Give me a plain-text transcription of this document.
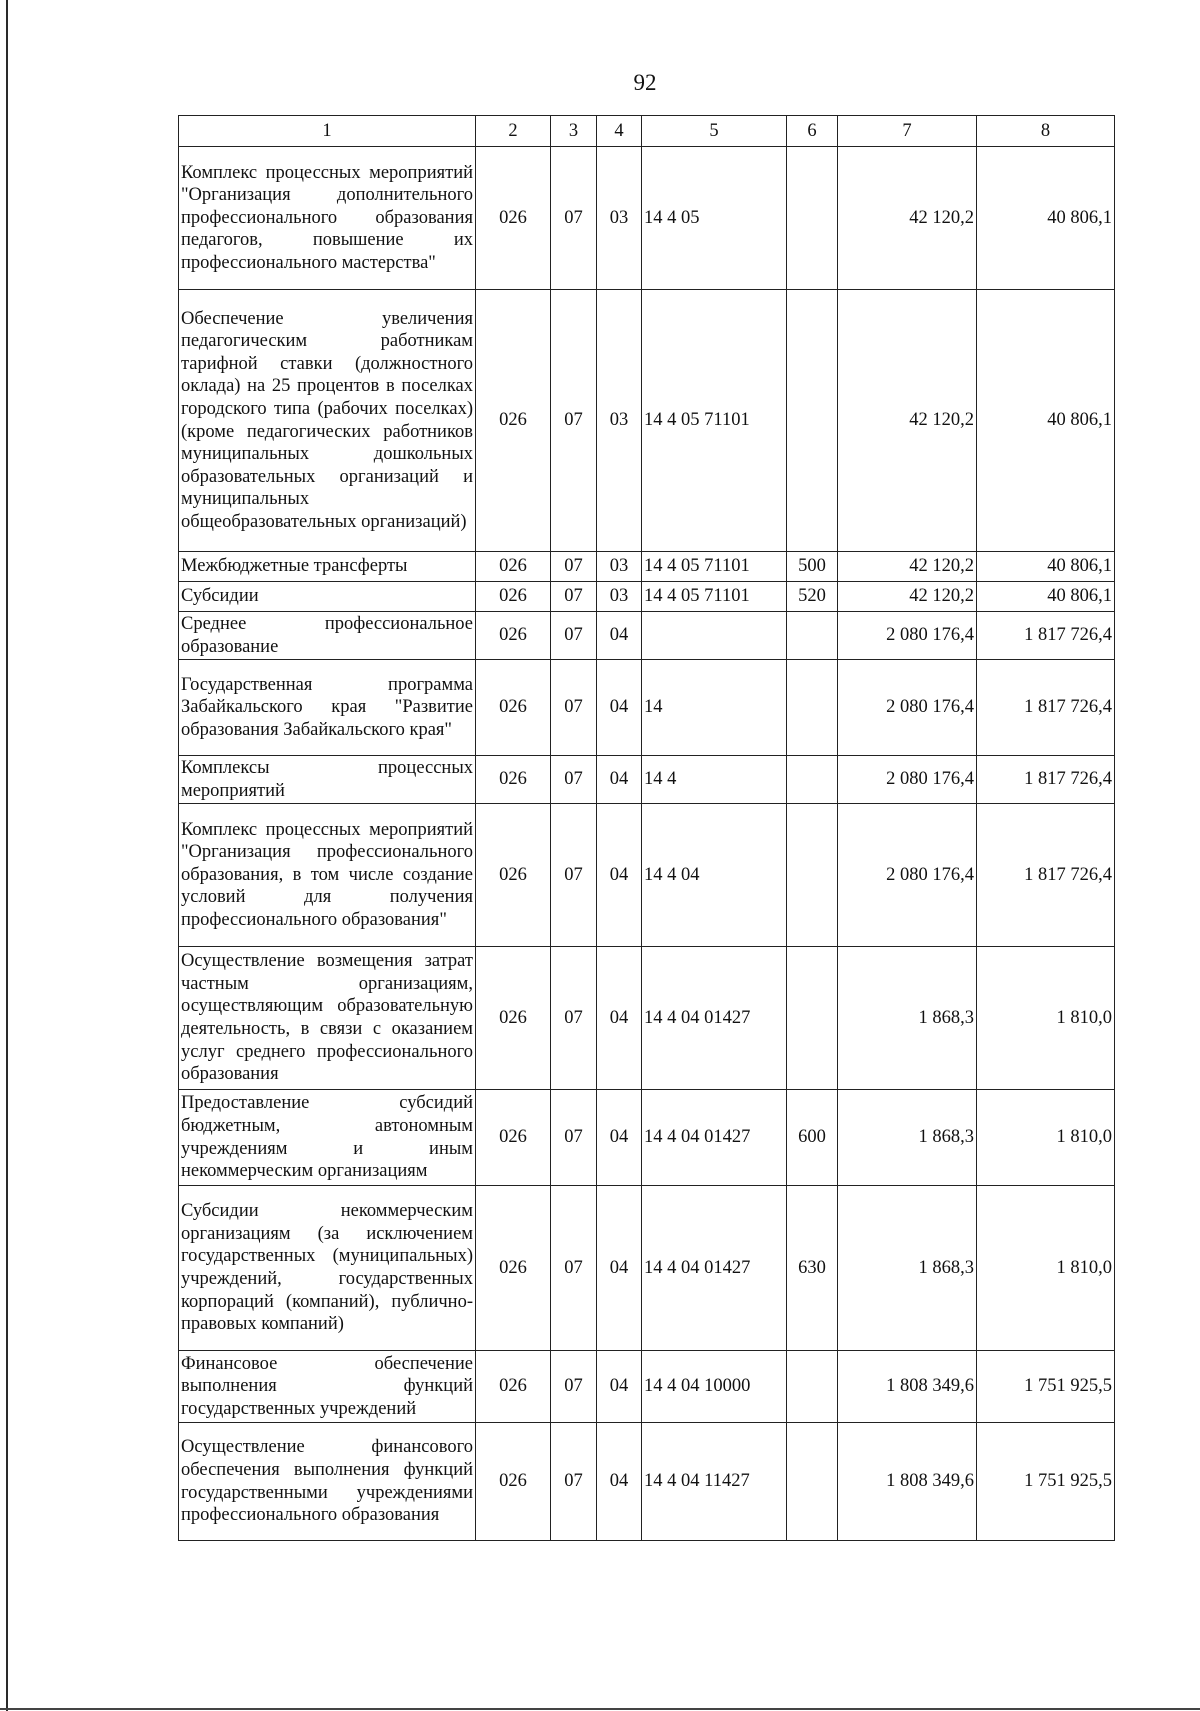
92
1	2	3	4	5	6	7	8
Комплекс процессных мероприятий "Организация дополнительного профессионального образования педагогов, повышение их профессионального мастерства"	026	07	03	14 4 05		42 120,2	40 806,1
Обеспечение увеличения педагогическим работникам тарифной ставки (должностного оклада) на 25 процентов в поселках городского типа (рабочих поселках) (кроме педагогических работников муниципальных дошкольных образовательных организаций и муниципальных общеобразовательных организаций)	026	07	03	14 4 05 71101		42 120,2	40 806,1
Межбюджетные трансферты	026	07	03	14 4 05 71101	500	42 120,2	40 806,1
Субсидии	026	07	03	14 4 05 71101	520	42 120,2	40 806,1
Среднее профессиональное образование	026	07	04			2 080 176,4	1 817 726,4
Государственная программа Забайкальского края "Развитие образования Забайкальского края"	026	07	04	14		2 080 176,4	1 817 726,4
Комплексы процессных мероприятий	026	07	04	14 4		2 080 176,4	1 817 726,4
Комплекс процессных мероприятий "Организация профессионального образования, в том числе создание условий для получения профессионального образования"	026	07	04	14 4 04		2 080 176,4	1 817 726,4
Осуществление возмещения затрат частным организациям, осуществляющим образовательную деятельность, в связи с оказанием услуг среднего профессионального образования	026	07	04	14 4 04 01427		1 868,3	1 810,0
Предоставление субсидий бюджетным, автономным учреждениям и иным некоммерческим организациям	026	07	04	14 4 04 01427	600	1 868,3	1 810,0
Субсидии некоммерческим организациям (за исключением государственных (муниципальных) учреждений, государственных корпораций (компаний), публично-правовых компаний)	026	07	04	14 4 04 01427	630	1 868,3	1 810,0
Финансовое обеспечение выполнения функций государственных учреждений	026	07	04	14 4 04 10000		1 808 349,6	1 751 925,5
Осуществление финансового обеспечения выполнения функций государственными учреждениями профессионального образования	026	07	04	14 4 04 11427		1 808 349,6	1 751 925,5
